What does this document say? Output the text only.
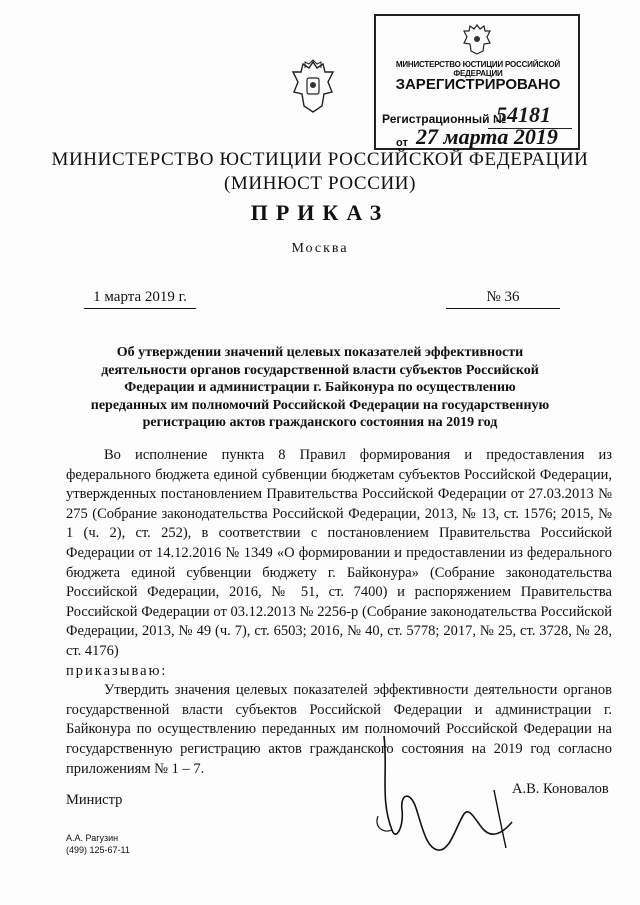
МИНИСТЕРСТВО ЮСТИЦИИ РОССИЙСКОЙ ФЕДЕРАЦИИ
ЗАРЕГИСТРИРОВАНО
Регистрационный №
54181
от 27 марта 2019
МИНИСТЕРСТВО ЮСТИЦИИ РОССИЙСКОЙ ФЕДЕРАЦИИ
(МИНЮСТ РОССИИ)
ПРИКАЗ
Москва
1 марта 2019 г.	№ 36
Об утверждении значений целевых показателей эффективности деятельности органов государственной власти субъектов Российской Федерации и администрации г. Байконура по осуществлению переданных им полномочий Российской Федерации на государственную регистрацию актов гражданского состояния на 2019 год
Во исполнение пункта 8 Правил формирования и предоставления из федерального бюджета единой субвенции бюджетам субъектов Российской Федерации, утвержденных постановлением Правительства Российской Федерации от 27.03.2013 № 275 (Собрание законодательства Российской Федерации, 2013, № 13, ст. 1576; 2015, № 1 (ч. 2), ст. 252), в соответствии с постановлением Правительства Российской Федерации от 14.12.2016 № 1349 «О формировании и предоставлении из федерального бюджета единой субвенции бюджету г. Байконура» (Собрание законодательства Российской Федерации, 2016, № 51, ст. 7400) и распоряжением Правительства Российской Федерации от 03.12.2013 № 2256-р (Собрание законодательства Российской Федерации, 2013, № 49 (ч. 7), ст. 6503; 2016, № 40, ст. 5778; 2017, № 25, ст. 3728, № 28, ст. 4176)
приказываю:
Утвердить значения целевых показателей эффективности деятельности органов государственной власти субъектов Российской Федерации и администрации г. Байконура по осуществлению переданных им полномочий Российской Федерации на государственную регистрацию актов гражданского состояния на 2019 год согласно приложениям № 1 – 7.
Министр
А.В. Коновалов
А.А. Рагузин
(499) 125-67-11
